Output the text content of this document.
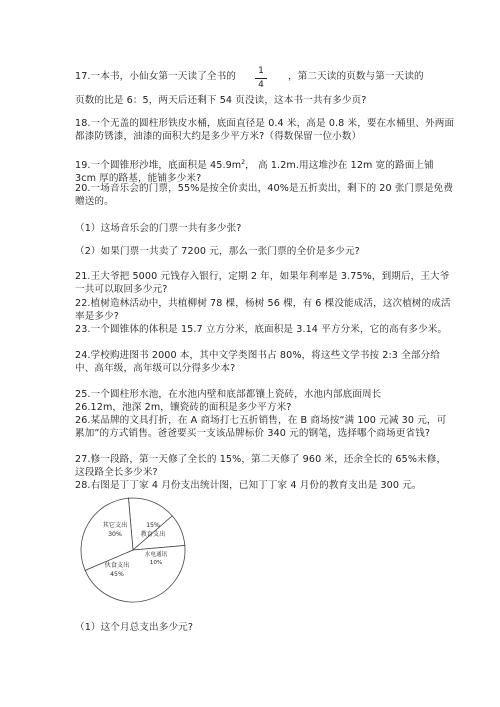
17.一本书，小仙女第一天读了全书的	1
4

，第二天读的页数与第一天读的

页数的比是 6：5，两天后还剩下 54 页没读，这本书一共有多少页?

18.一个无盖的圆柱形铁皮水桶，底面直径是 0.4 米，高是 0.8 米，要在水桶里、外两面都漆防锈漆，油漆的面积大约是多少平方米?（得数保留一位小数）

19.一个圆锥形沙堆，底面积是 $45.9m^2$， 高 1.2m.用这堆沙在 12m 宽的路面上铺 3cm 厚的路基，能铺多少米?

20.一场音乐会的门票，55%是按全价卖出，40%是五折卖出，剩下的 20 张门票是免费赠送的。

（1）这场音乐会的门票一共有多少张?

（2）如果门票一共卖了 7200 元，那么一张门票的全价是多少元?

21.王大爷把 5000 元钱存入银行，定期 2 年，如果年利率是 3.75%，到期后，王大爷一共可以取回多少元?

22.植树造林活动中，共植柳树 78 棵，杨树 56 棵，有 6 棵没能成活，这次植树的成活率是多少?

23.一个圆锥体的体积是 15.7 立方分米，底面积是 3.14 平方分米，它的高有多少米。

24.学校购进图书 2000 本，其中文学类图书占 80%，将这些文学书按 2:3 全部分给中、高年级，高年级可以分得多少本?

25.一个圆柱形水池，在水池内壁和底部都镶上瓷砖，水池内部底面周长

26.12m，池深 2m，镶瓷砖的面积是多少平方米?

26.某品牌的文具打折，在 A 商场打七五折销售，在 B 商场按“满 100 元减 30 元，可累加”的方式销售。爸爸要买一支该品牌标价 340 元的钢笔，选择哪个商场更省钱?

27.修一段路，第一天修了全长的 15%，第二天修了 960 米，还余全长的 65%未修，这段路全长多少米?

28.右图是丁丁家 4 月份支出统计图，已知丁丁家 4 月份的教育支出是 300 元。

教育支出
15%
水电通讯
10%
伙食支出
45%
其它支出
30%

（1）这个月总支出多少元?
